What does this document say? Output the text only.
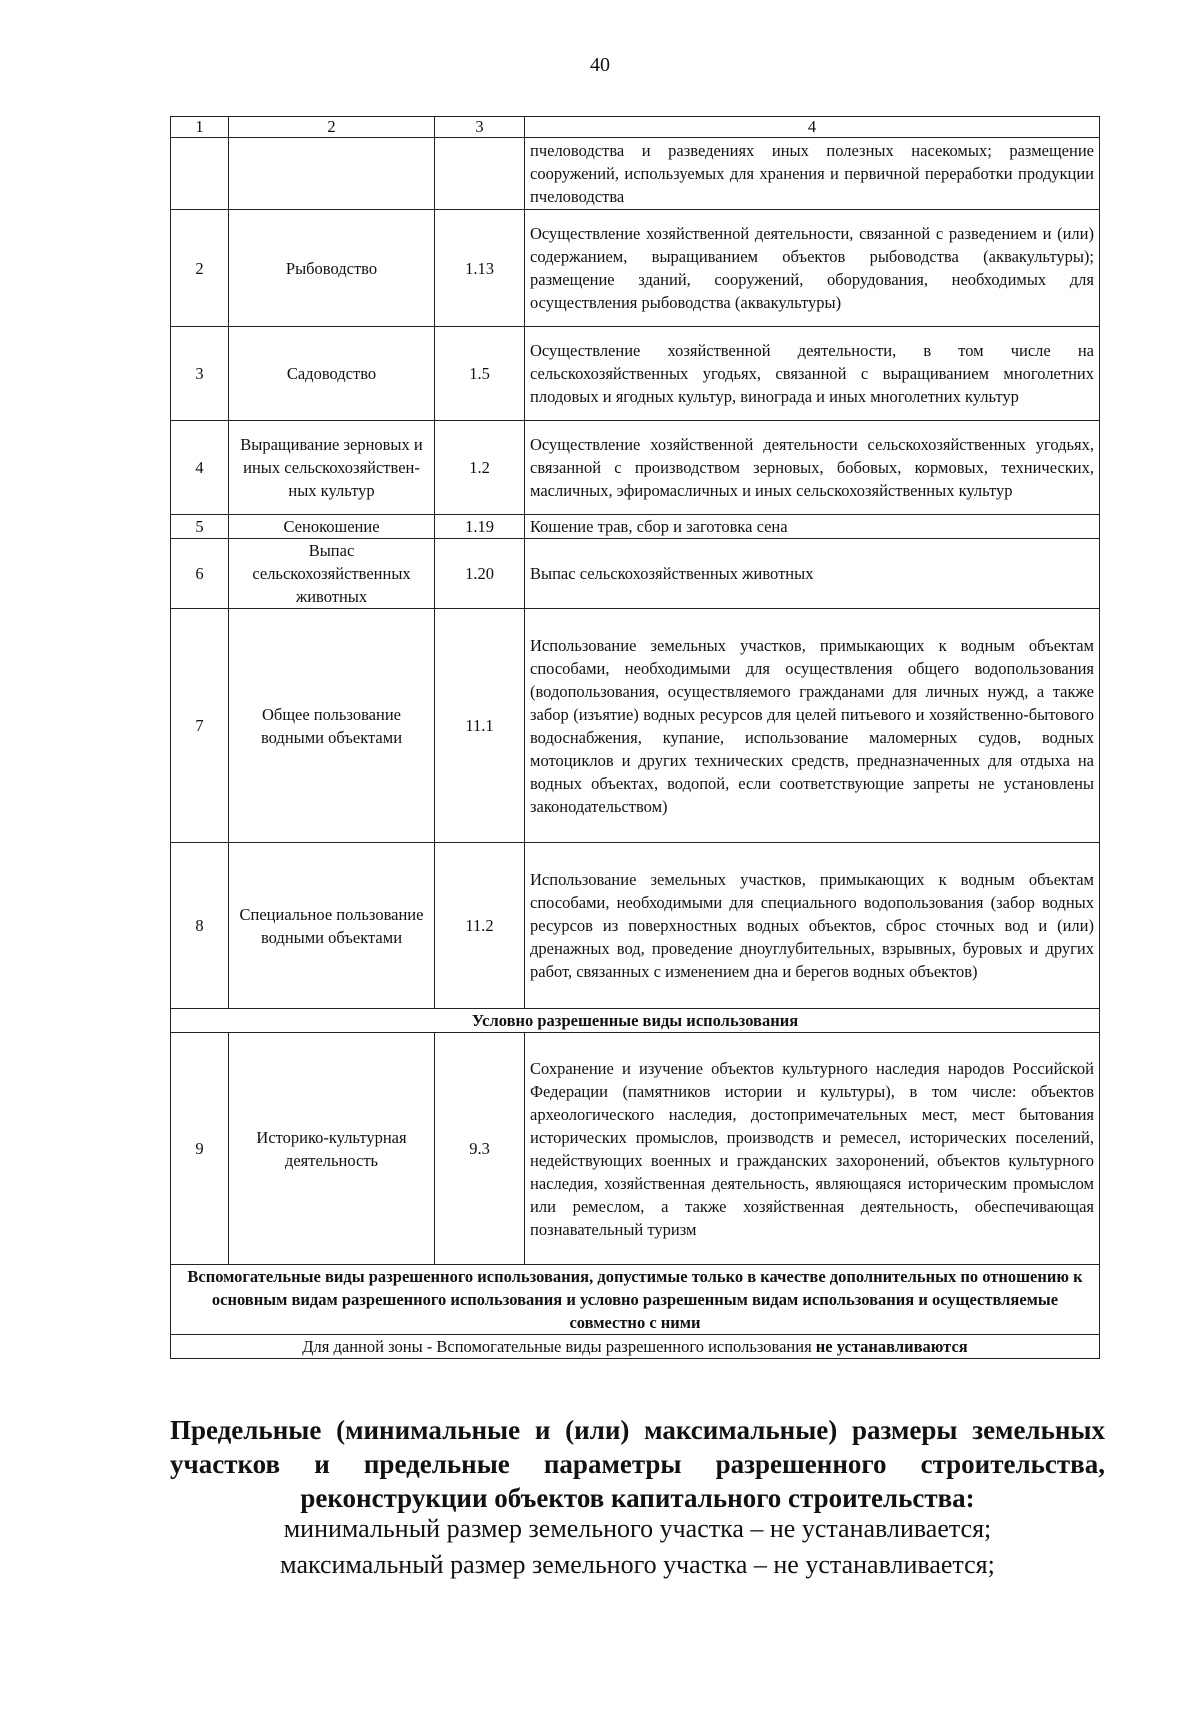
40
1	2	3	4
			пчеловодства и разведениях иных полезных насекомых; размещение сооружений, используемых для хранения и первичной переработки продукции пчеловодства
2	Рыбоводство	1.13	Осуществление хозяйственной деятельности, связанной с разведением и (или) содержанием, выращиванием объектов рыбоводства (аквакультуры); размещение зданий, сооружений, оборудования, необходимых для осуществления рыбоводства (аквакультуры)
3	Садоводство	1.5	Осуществление хозяйственной деятельности, в том числе на сельскохозяйственных угодьях, связанной с выращиванием многолетних плодовых и ягодных культур, винограда и иных многолетних культур
4	Выращивание зерновых и иных сельскохозяйствен-ных культур	1.2	Осуществление хозяйственной деятельности сельскохозяйственных угодьях, связанной с производством зерновых, бобовых, кормовых, технических, масличных, эфиромасличных и иных сельскохозяйственных культур
5	Сенокошение	1.19	Кошение трав, сбор и заготовка сена
6	Выпас сельскохозяйственных животных	1.20	Выпас сельскохозяйственных животных
7	Общее пользование водными объектами	11.1	Использование земельных участков, примыкающих к водным объектам способами, необходимыми для осуществления общего водопользования (водопользования, осуществляемого гражданами для личных нужд, а также забор (изъятие) водных ресурсов для целей питьевого и хозяйственно-бытового водоснабжения, купание, использование маломерных судов, водных мотоциклов и других технических средств, предназначенных для отдыха на водных объектах, водопой, если соответствующие запреты не установлены законодательством)
8	Специальное пользование водными объектами	11.2	Использование земельных участков, примыкающих к водным объектам способами, необходимыми для специального водопользования (забор водных ресурсов из поверхностных водных объектов, сброс сточных вод и (или) дренажных вод, проведение дноуглубительных, взрывных, буровых и других работ, связанных с изменением дна и берегов водных объектов)
Условно разрешенные виды использования			
9	Историко-культурная деятельность	9.3	Сохранение и изучение объектов культурного наследия народов Российской Федерации (памятников истории и культуры), в том числе: объектов археологического наследия, достопримечательных мест, мест бытования исторических промыслов, производств и ремесел, исторических поселений, недействующих военных и гражданских захоронений, объектов культурного наследия, хозяйственная деятельность, являющаяся историческим промыслом или ремеслом, а также хозяйственная деятельность, обеспечивающая познавательный туризм
Вспомогательные виды разрешенного использования, допустимые только в качестве дополнительных по отношению к основным видам разрешенного использования и условно разрешенным видам использования и осуществляемые совместно с ними			
Для данной зоны - Вспомогательные виды разрешенного использования не устанавливаются			
Предельные (минимальные и (или) максимальные) размеры земельных участков и предельные параметры разрешенного строительства, реконструкции объектов капитального строительства:
минимальный размер земельного участка – не устанавливается;
максимальный размер земельного участка – не устанавливается;
